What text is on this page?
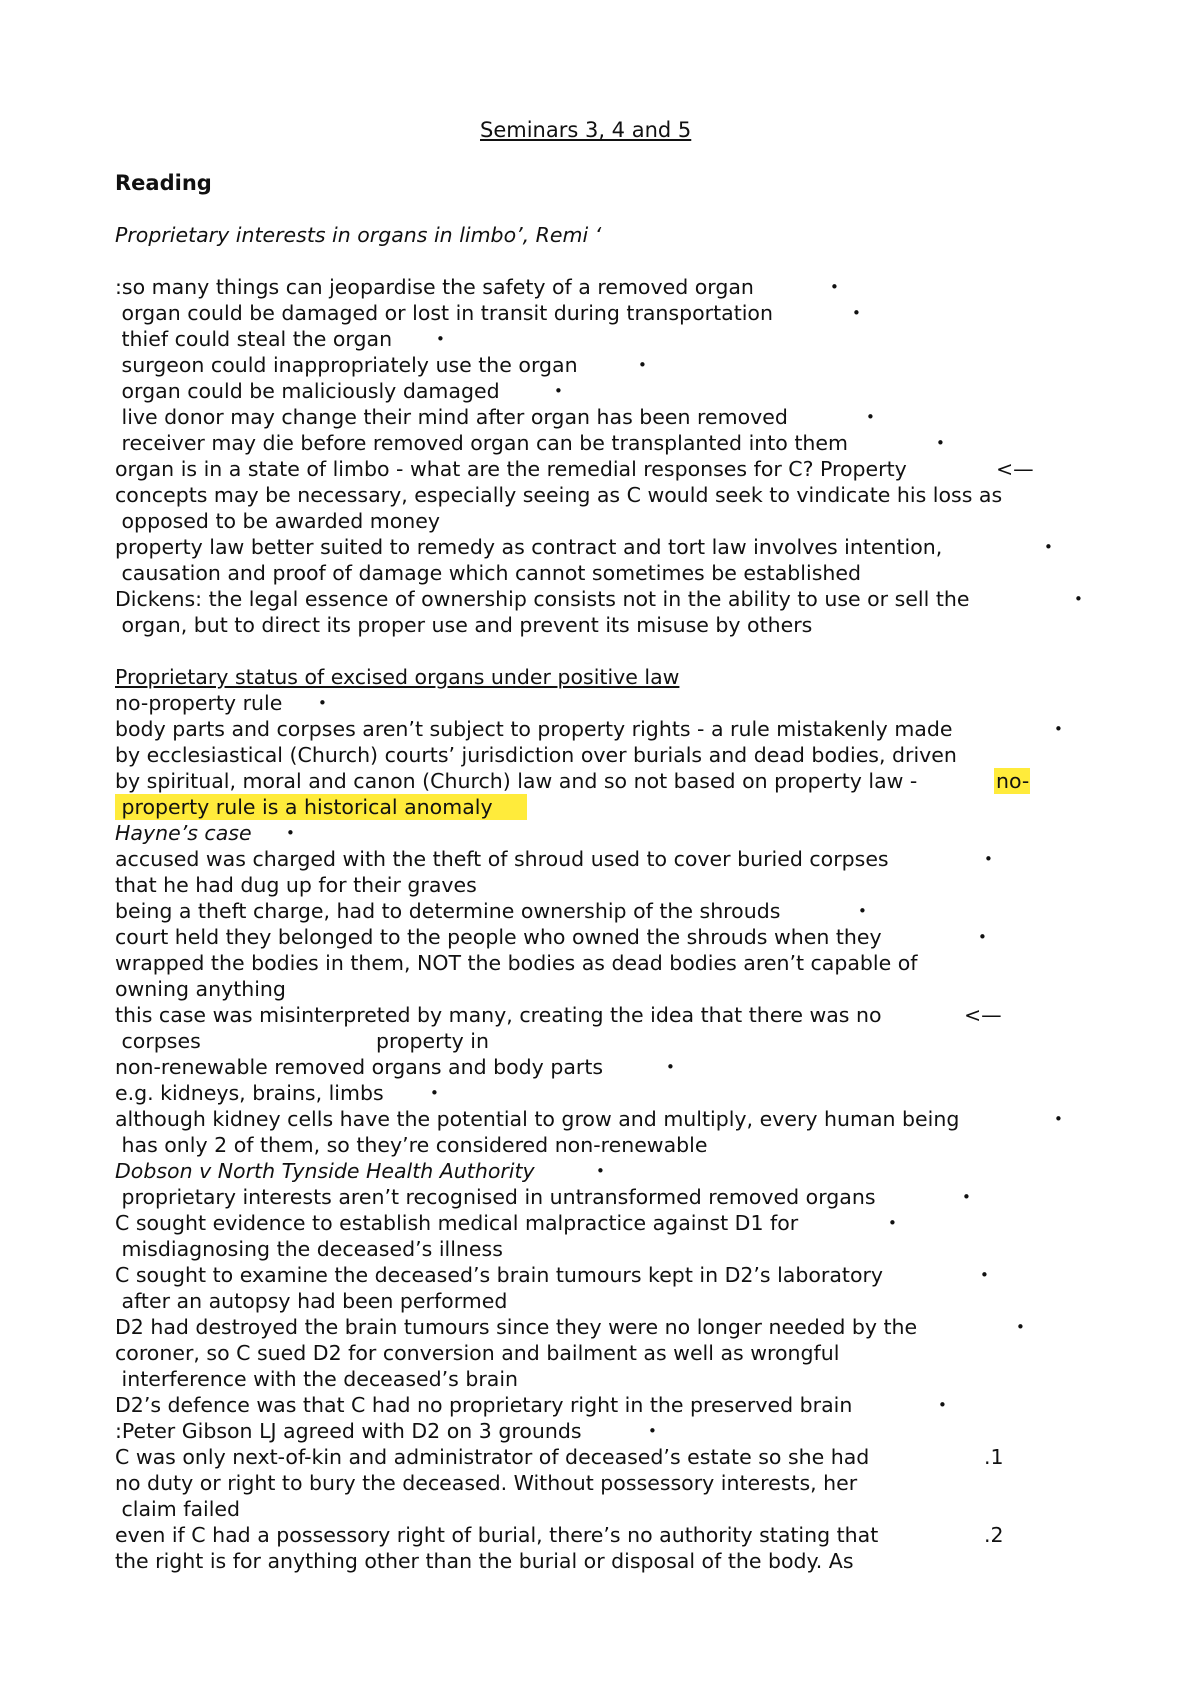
Seminars 3, 4 and 5
Reading
Proprietary interests in organs in limbo’, Remi ‘
:so many things can jeopardise the safety of a removed organ	•
organ could be damaged or lost in transit during transportation	•
thief could steal the organ	•
surgeon could inappropriately use the organ	•
organ could be maliciously damaged	•
live donor may change their mind after organ has been removed	•
receiver may die before removed organ can be transplanted into them	•
organ is in a state of limbo - what are the remedial responses for C? Property	<—
concepts may be necessary, especially seeing as C would seek to vindicate his loss as
opposed to be awarded money
property law better suited to remedy as contract and tort law involves intention,	•
causation and proof of damage which cannot sometimes be established
Dickens: the legal essence of ownership consists not in the ability to use or sell the	•
organ, but to direct its proper use and prevent its misuse by others
Proprietary status of excised organs under positive law
no-property rule •
body parts and corpses aren’t subject to property rights - a rule mistakenly made	•
by ecclesiastical (Church) courts’ jurisdiction over burials and dead bodies, driven
by spiritual, moral and canon (Church) law and so not based on property law -	no-
property rule is a historical anomaly
Hayne’s case •
accused was charged with the theft of shroud used to cover buried corpses	•
that he had dug up for their graves
being a theft charge, had to determine ownership of the shrouds	•
court held they belonged to the people who owned the shrouds when they	•
wrapped the bodies in them, NOT the bodies as dead bodies aren’t capable of
owning anything
this case was misinterpreted by many, creating the idea that there was no	<—
corpses	property in
non-renewable removed organs and body parts	•
e.g. kidneys, brains, limbs	•
although kidney cells have the potential to grow and multiply, every human being	•
has only 2 of them, so they’re considered non-renewable
Dobson v North Tynside Health Authority	•
proprietary interests aren’t recognised in untransformed removed organs	•
C sought evidence to establish medical malpractice against D1 for	•
misdiagnosing the deceased’s illness
C sought to examine the deceased’s brain tumours kept in D2’s laboratory	•
after an autopsy had been performed
D2 had destroyed the brain tumours since they were no longer needed by the	•
coroner, so C sued D2 for conversion and bailment as well as wrongful
interference with the deceased’s brain
D2’s defence was that C had no proprietary right in the preserved brain	•
:Peter Gibson LJ agreed with D2 on 3 grounds	•
C was only next-of-kin and administrator of deceased’s estate so she had	.1
no duty or right to bury the deceased. Without possessory interests, her
claim failed
even if C had a possessory right of burial, there’s no authority stating that	.2
the right is for anything other than the burial or disposal of the body. As
